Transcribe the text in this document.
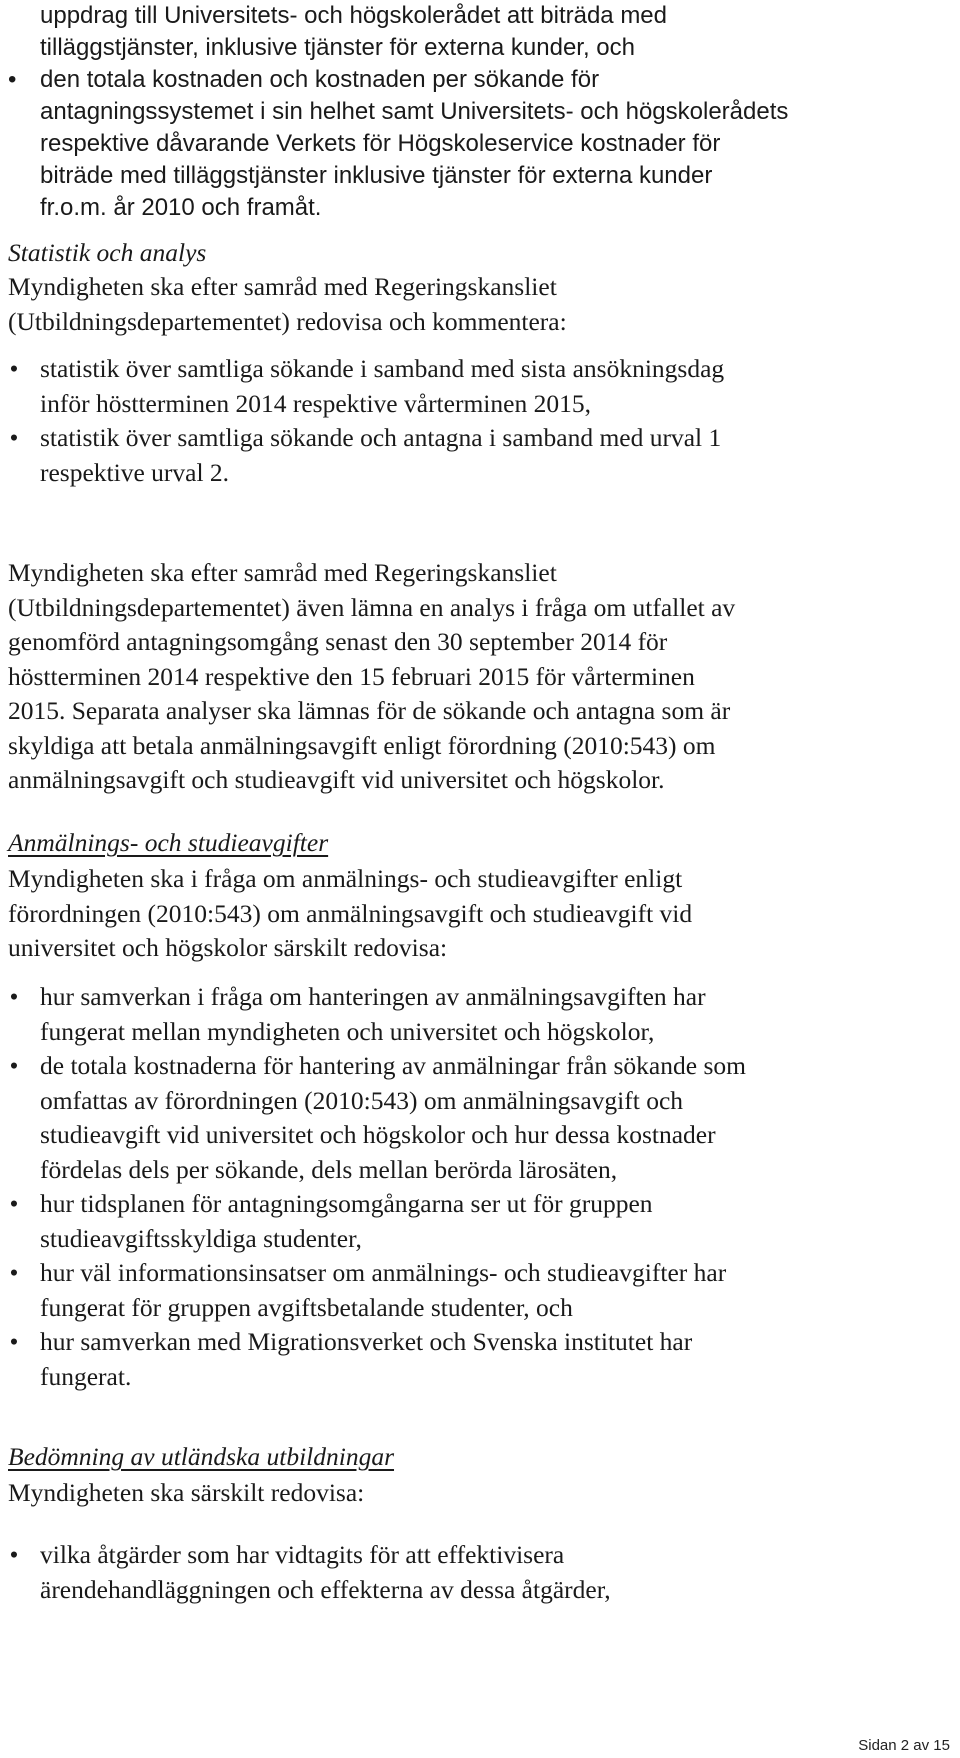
uppdrag till Universitets- och högskolerådet att biträda med
tilläggstjänster, inklusive tjänster för externa kunder, och
• den totala kostnaden och kostnaden per sökande för
antagningssystemet i sin helhet samt Universitets- och högskolerådets
respektive dåvarande Verkets för Högskoleservice kostnader för
biträde med tilläggstjänster inklusive tjänster för externa kunder
fr.o.m. år 2010 och framåt.
Statistik och analys
Myndigheten ska efter samråd med Regeringskansliet
(Utbildningsdepartementet) redovisa och kommentera:
• statistik över samtliga sökande i samband med sista ansökningsdag
inför höstterminen 2014 respektive vårterminen 2015,
• statistik över samtliga sökande och antagna i samband med urval 1
respektive urval 2.
Myndigheten ska efter samråd med Regeringskansliet
(Utbildningsdepartementet) även lämna en analys i fråga om utfallet av
genomförd antagningsomgång senast den 30 september 2014 för
höstterminen 2014 respektive den 15 februari 2015 för vårterminen
2015. Separata analyser ska lämnas för de sökande och antagna som är
skyldiga att betala anmälningsavgift enligt förordning (2010:543) om
anmälningsavgift och studieavgift vid universitet och högskolor.
Anmälnings- och studieavgifter
Myndigheten ska i fråga om anmälnings- och studieavgifter enligt
förordningen (2010:543) om anmälningsavgift och studieavgift vid
universitet och högskolor särskilt redovisa:
• hur samverkan i fråga om hanteringen av anmälningsavgiften har
fungerat mellan myndigheten och universitet och högskolor,
• de totala kostnaderna för hantering av anmälningar från sökande som
omfattas av förordningen (2010:543) om anmälningsavgift och
studieavgift vid universitet och högskolor och hur dessa kostnader
fördelas dels per sökande, dels mellan berörda lärosäten,
• hur tidsplanen för antagningsomgångarna ser ut för gruppen
studieavgiftsskyldiga studenter,
• hur väl informationsinsatser om anmälnings- och studieavgifter har
fungerat för gruppen avgiftsbetalande studenter, och
• hur samverkan med Migrationsverket och Svenska institutet har
fungerat.
Bedömning av utländska utbildningar
Myndigheten ska särskilt redovisa:
• vilka åtgärder som har vidtagits för att effektivisera
ärendehandläggningen och effekterna av dessa åtgärder,
Sidan 2 av 15
